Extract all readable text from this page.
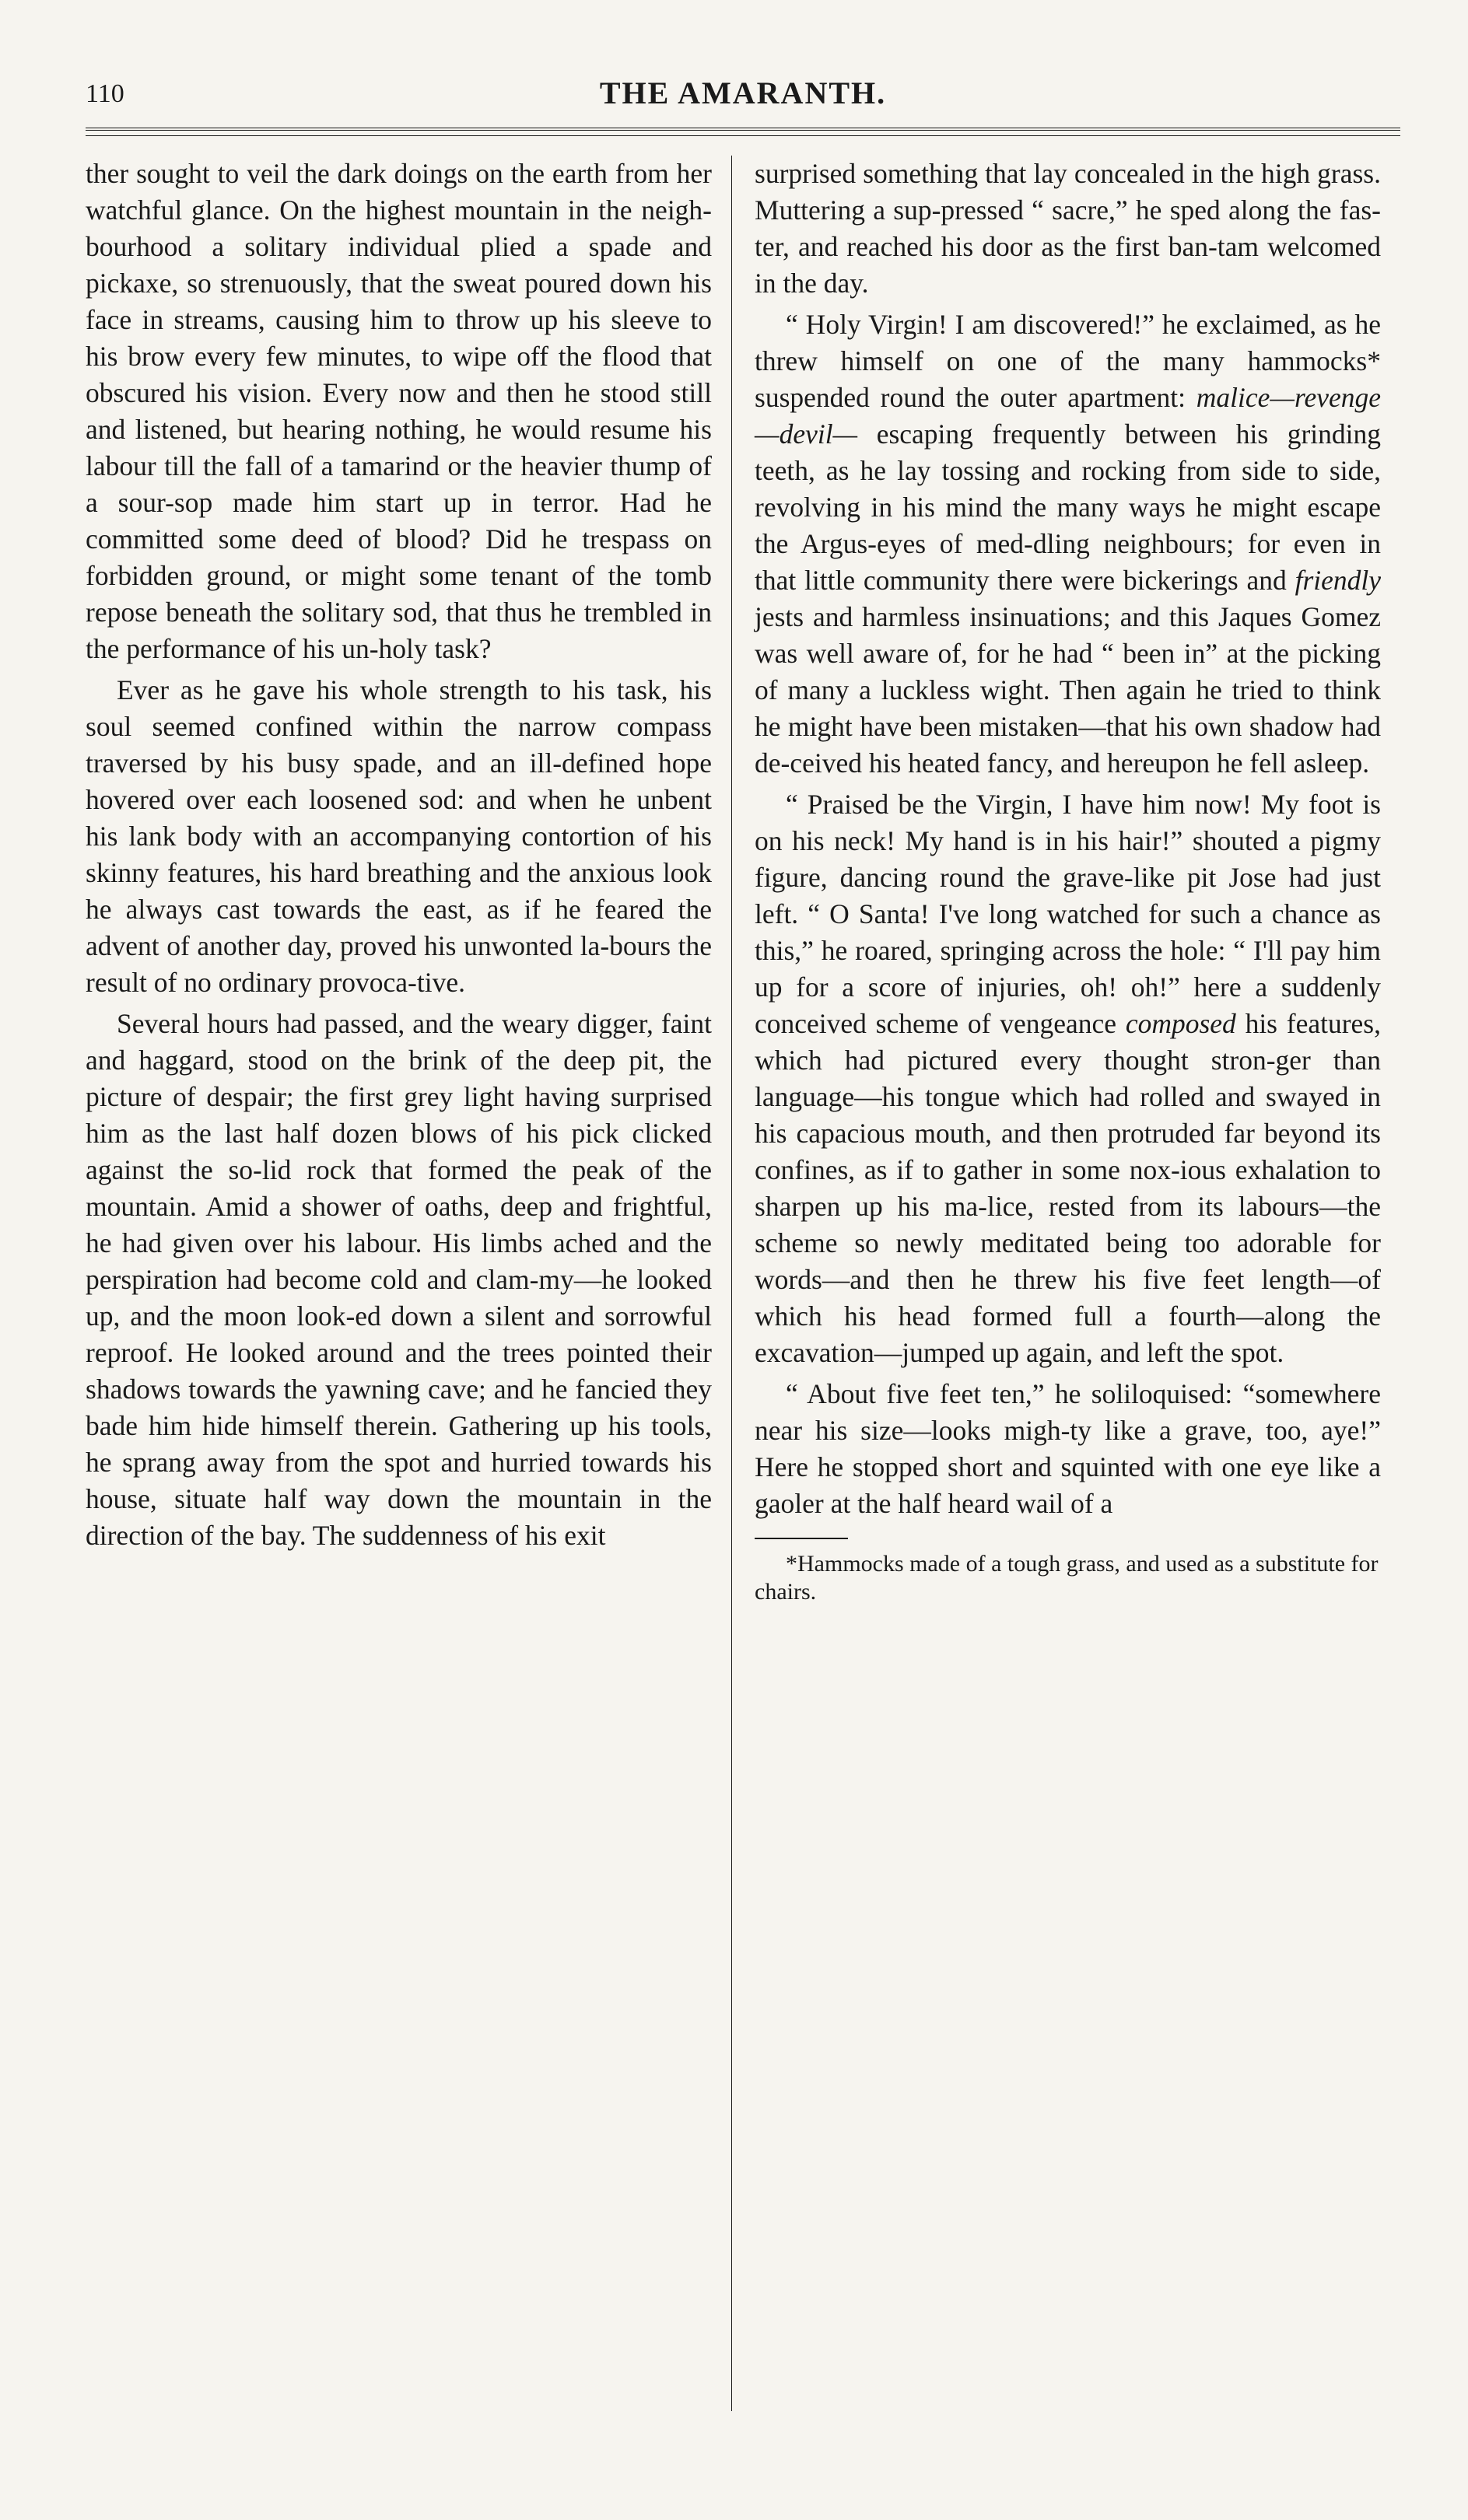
110	THE AMARANTH.

ther sought to veil the dark doings on the earth from her watchful glance. On the highest mountain in the neigh-bourhood a solitary individual plied a spade and pickaxe, so strenuously, that the sweat poured down his face in streams, causing him to throw up his sleeve to his brow every few minutes, to wipe off the flood that obscured his vision. Every now and then he stood still and listened, but hearing nothing, he would resume his labour till the fall of a tamarind or the heavier thump of a sour-sop made him start up in terror. Had he committed some deed of blood? Did he trespass on forbidden ground, or might some tenant of the tomb repose beneath the solitary sod, that thus he trembled in the performance of his un-holy task?

Ever as he gave his whole strength to his task, his soul seemed confined within the narrow compass traversed by his busy spade, and an ill-defined hope hovered over each loosened sod: and when he unbent his lank body with an accompanying contortion of his skinny features, his hard breathing and the anxious look he always cast towards the east, as if he feared the advent of another day, proved his unwonted la-bours the result of no ordinary provoca-tive.

Several hours had passed, and the weary digger, faint and haggard, stood on the brink of the deep pit, the picture of despair; the first grey light having surprised him as the last half dozen blows of his pick clicked against the so-lid rock that formed the peak of the mountain. Amid a shower of oaths, deep and frightful, he had given over his labour. His limbs ached and the perspiration had become cold and clam-my—he looked up, and the moon look-ed down a silent and sorrowful reproof. He looked around and the trees pointed their shadows towards the yawning cave; and he fancied they bade him hide himself therein. Gathering up his tools, he sprang away from the spot and hurried towards his house, situate half way down the mountain in the direction of the bay. The suddenness of his exit

surprised something that lay concealed in the high grass. Muttering a sup-pressed “ sacre,” he sped along the fas-ter, and reached his door as the first ban-tam welcomed in the day.

“ Holy Virgin! I am discovered!” he exclaimed, as he threw himself on one of the many hammocks* suspended round the outer apartment: malice—revenge—devil— escaping frequently between his grinding teeth, as he lay tossing and rocking from side to side, revolving in his mind the many ways he might escape the Argus-eyes of med-dling neighbours; for even in that little community there were bickerings and friendly jests and harmless insinuations; and this Jaques Gomez was well aware of, for he had “ been in” at the picking of many a luckless wight. Then again he tried to think he might have been mistaken—that his own shadow had de-ceived his heated fancy, and hereupon he fell asleep.

“ Praised be the Virgin, I have him now! My foot is on his neck! My hand is in his hair!” shouted a pigmy figure, dancing round the grave-like pit Jose had just left. “ O Santa! I've long watched for such a chance as this,” he roared, springing across the hole: “ I'll pay him up for a score of injuries, oh! oh!” here a suddenly conceived scheme of vengeance composed his features, which had pictured every thought stron-ger than language—his tongue which had rolled and swayed in his capacious mouth, and then protruded far beyond its confines, as if to gather in some nox-ious exhalation to sharpen up his ma-lice, rested from its labours—the scheme so newly meditated being too adorable for words—and then he threw his five feet length—of which his head formed full a fourth—along the excavation—jumped up again, and left the spot.

“ About five feet ten,” he soliloquised: “somewhere near his size—looks migh-ty like a grave, too, aye!” Here he stopped short and squinted with one eye like a gaoler at the half heard wail of a

*Hammocks made of a tough grass, and used as a substitute for chairs.
